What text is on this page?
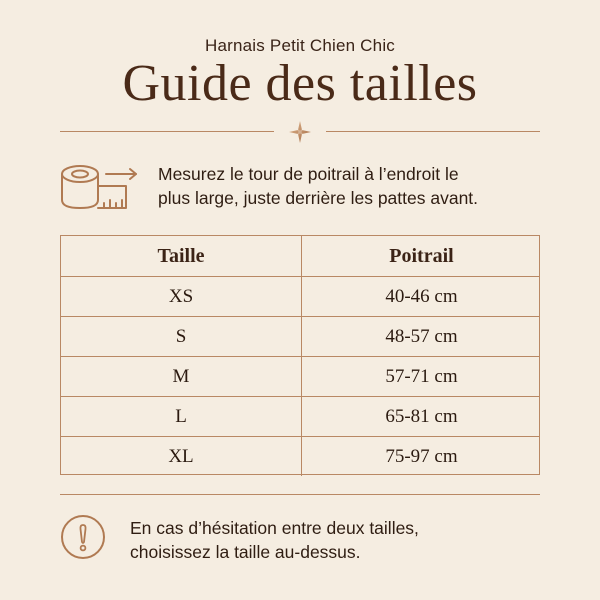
Harnais Petit Chien Chic
Guide des tailles
Mesurez le tour de poitrail à l’endroit le
plus large, juste derrière les pattes avant.
Taille	Poitrail
XS	40-46 cm
S	48-57 cm
M	57-71 cm
L	65-81 cm
XL	75-97 cm
En cas d’hésitation entre deux tailles,
choisissez la taille au-dessus.
